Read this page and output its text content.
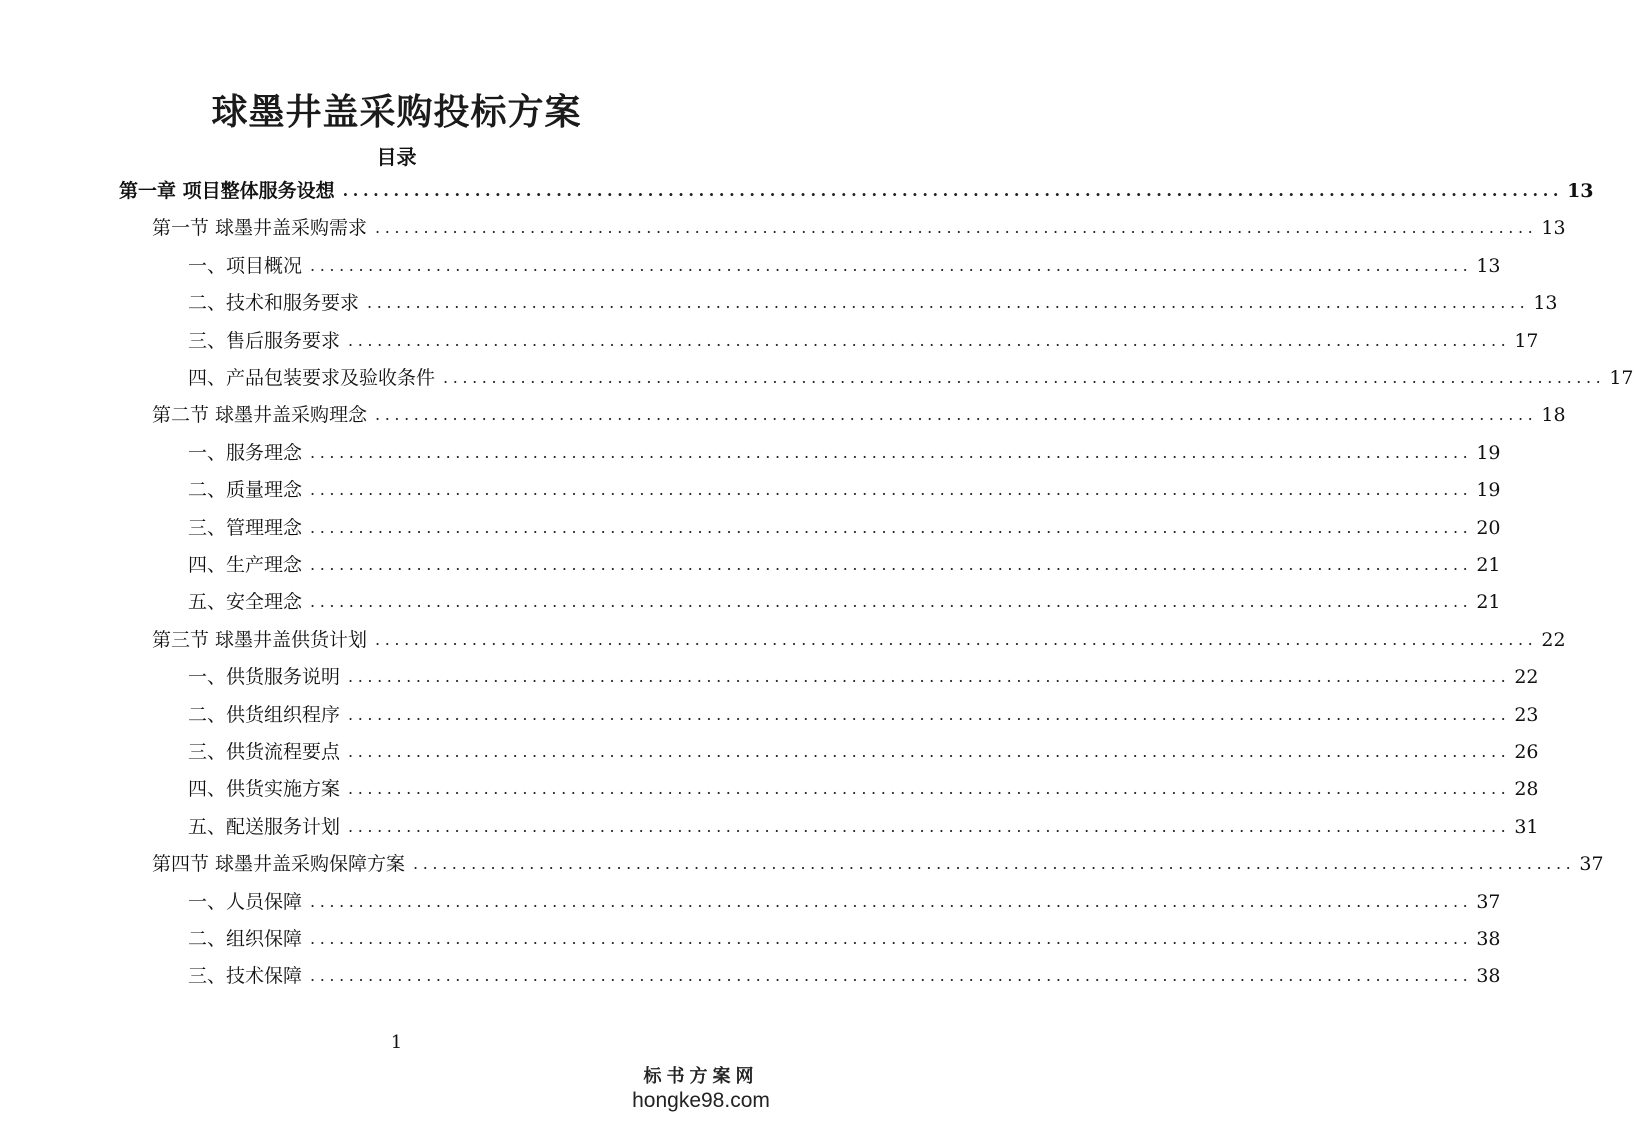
球墨井盖采购投标方案
目录
第一章 项目整体服务设想 ........................................................................................................................ 13
第一节 球墨井盖采购需求 ........................................................................................................................ 13
一、项目概况 ........................................................................................................................ 13
二、技术和服务要求 ........................................................................................................................ 13
三、售后服务要求 ........................................................................................................................ 17
四、产品包装要求及验收条件 ........................................................................................................................ 17
第二节 球墨井盖采购理念 ........................................................................................................................ 18
一、服务理念 ........................................................................................................................ 19
二、质量理念 ........................................................................................................................ 19
三、管理理念 ........................................................................................................................ 20
四、生产理念 ........................................................................................................................ 21
五、安全理念 ........................................................................................................................ 21
第三节 球墨井盖供货计划 ........................................................................................................................ 22
一、供货服务说明 ........................................................................................................................ 22
二、供货组织程序 ........................................................................................................................ 23
三、供货流程要点 ........................................................................................................................ 26
四、供货实施方案 ........................................................................................................................ 28
五、配送服务计划 ........................................................................................................................ 31
第四节 球墨井盖采购保障方案 ........................................................................................................................ 37
一、人员保障 ........................................................................................................................ 37
二、组织保障 ........................................................................................................................ 38
三、技术保障 ........................................................................................................................ 38
1
标书方案网
hongke98.com
